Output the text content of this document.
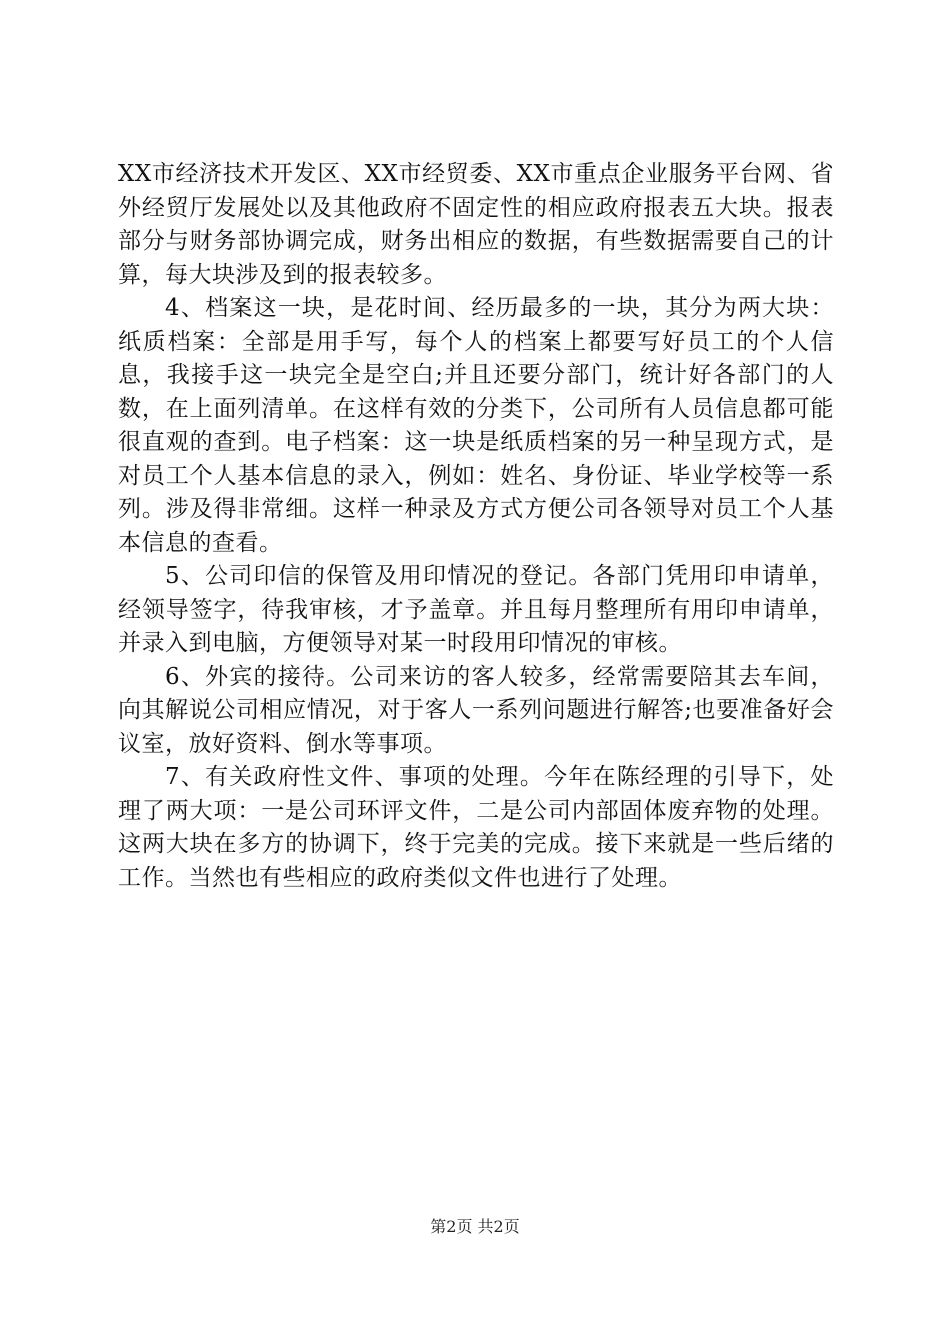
XX市经济技术开发区、XX市经贸委、XX市重点企业服务平台网、省外经贸厅发展处以及其他政府不固定性的相应政府报表五大块。报表部分与财务部协调完成，财务出相应的数据，有些数据需要自己的计算，每大块涉及到的报表较多。

4、档案这一块，是花时间、经历最多的一块，其分为两大块：纸质档案：全部是用手写，每个人的档案上都要写好员工的个人信息，我接手这一块完全是空白;并且还要分部门，统计好各部门的人数，在上面列清单。在这样有效的分类下，公司所有人员信息都可能很直观的查到。电子档案：这一块是纸质档案的另一种呈现方式，是对员工个人基本信息的录入，例如：姓名、身份证、毕业学校等一系列。涉及得非常细。这样一种录及方式方便公司各领导对员工个人基本信息的查看。

5、公司印信的保管及用印情况的登记。各部门凭用印申请单，经领导签字，待我审核，才予盖章。并且每月整理所有用印申请单，并录入到电脑，方便领导对某一时段用印情况的审核。

6、外宾的接待。公司来访的客人较多，经常需要陪其去车间，向其解说公司相应情况，对于客人一系列问题进行解答;也要准备好会议室，放好资料、倒水等事项。

7、有关政府性文件、事项的处理。今年在陈经理的引导下，处理了两大项：一是公司环评文件，二是公司内部固体废弃物的处理。这两大块在多方的协调下，终于完美的完成。接下来就是一些后绪的工作。当然也有些相应的政府类似文件也进行了处理。

第2页 共2页
